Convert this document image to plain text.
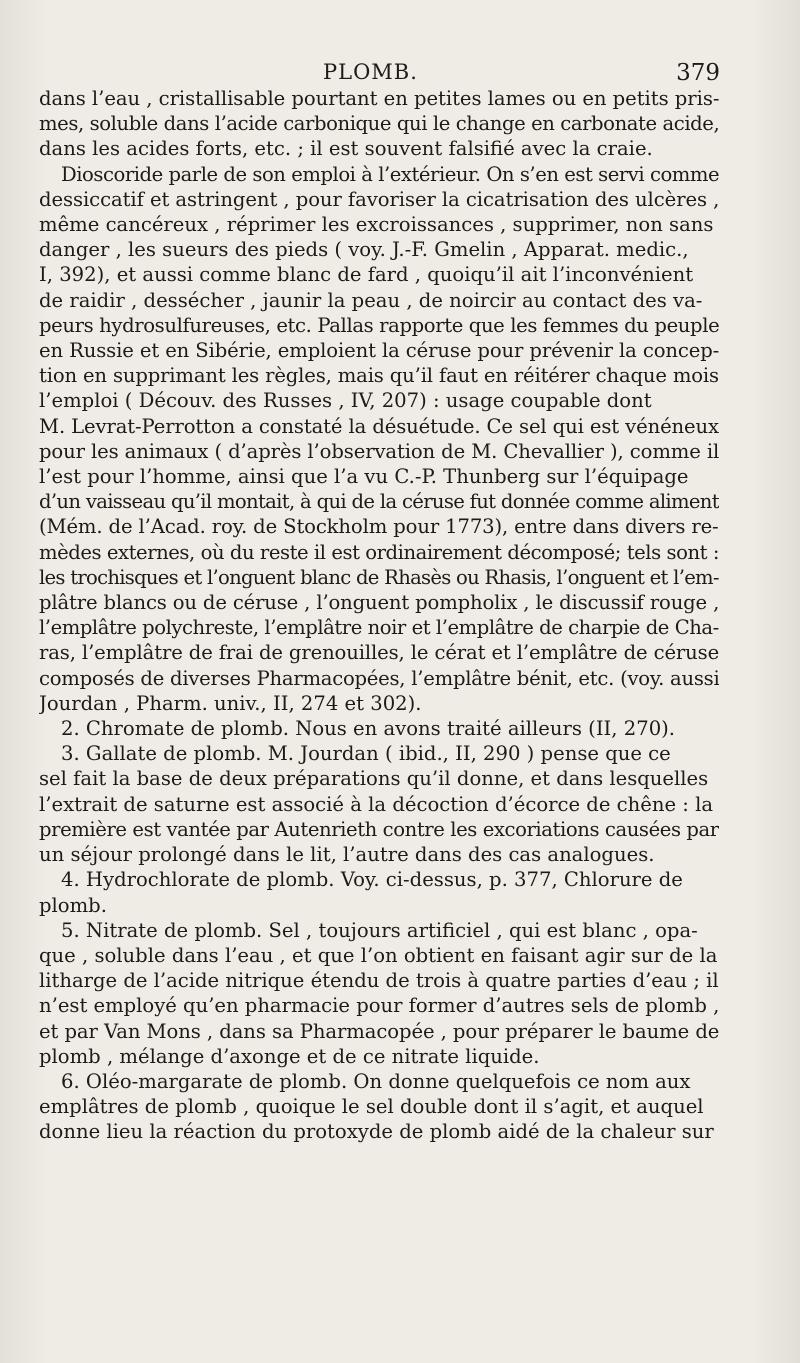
PLOMB.	379
dans l’eau , cristallisable pourtant en petites lames ou en petits pris-
mes, soluble dans l’acide carbonique qui le change en carbonate acide,
dans les acides forts, etc. ; il est souvent falsifié avec la craie.
Dioscoride parle de son emploi à l’extérieur. On s’en est servi comme
dessiccatif et astringent , pour favoriser la cicatrisation des ulcères ,
même cancéreux , réprimer les excroissances , supprimer, non sans
danger , les sueurs des pieds ( voy. J.-F. Gmelin , Apparat. medic.,
I, 392), et aussi comme blanc de fard , quoiqu’il ait l’inconvénient
de raidir , dessécher , jaunir la peau , de noircir au contact des va-
peurs hydrosulfureuses, etc. Pallas rapporte que les femmes du peuple
en Russie et en Sibérie, emploient la céruse pour prévenir la concep-
tion en supprimant les règles, mais qu’il faut en réitérer chaque mois
l’emploi ( Découv. des Russes , IV, 207) : usage coupable dont
M. Levrat-Perrotton a constaté la désuétude. Ce sel qui est vénéneux
pour les animaux ( d’après l’observation de M. Chevallier ), comme il
l’est pour l’homme, ainsi que l’a vu C.-P. Thunberg sur l’équipage
d’un vaisseau qu’il montait, à qui de la céruse fut donnée comme aliment
(Mém. de l’Acad. roy. de Stockholm pour 1773), entre dans divers re-
mèdes externes, où du reste il est ordinairement décomposé; tels sont :
les trochisques et l’onguent blanc de Rhasès ou Rhasis, l’onguent et l’em-
plâtre blancs ou de céruse , l’onguent pompholix , le discussif rouge ,
l’emplâtre polychreste, l’emplâtre noir et l’emplâtre de charpie de Cha-
ras, l’emplâtre de frai de grenouilles, le cérat et l’emplâtre de céruse
composés de diverses Pharmacopées, l’emplâtre bénit, etc. (voy. aussi
Jourdan , Pharm. univ., II, 274 et 302).
2. Chromate de plomb. Nous en avons traité ailleurs (II, 270).
3. Gallate de plomb. M. Jourdan ( ibid., II, 290 ) pense que ce
sel fait la base de deux préparations qu’il donne, et dans lesquelles
l’extrait de saturne est associé à la décoction d’écorce de chêne : la
première est vantée par Autenrieth contre les excoriations causées par
un séjour prolongé dans le lit, l’autre dans des cas analogues.
4. Hydrochlorate de plomb. Voy. ci-dessus, p. 377, Chlorure de
plomb.
5. Nitrate de plomb. Sel , toujours artificiel , qui est blanc , opa-
que , soluble dans l’eau , et que l’on obtient en faisant agir sur de la
litharge de l’acide nitrique étendu de trois à quatre parties d’eau ; il
n’est employé qu’en pharmacie pour former d’autres sels de plomb ,
et par Van Mons , dans sa Pharmacopée , pour préparer le baume de
plomb , mélange d’axonge et de ce nitrate liquide.
6. Oléo-margarate de plomb. On donne quelquefois ce nom aux
emplâtres de plomb , quoique le sel double dont il s’agit, et auquel
donne lieu la réaction du protoxyde de plomb aidé de la chaleur sur
